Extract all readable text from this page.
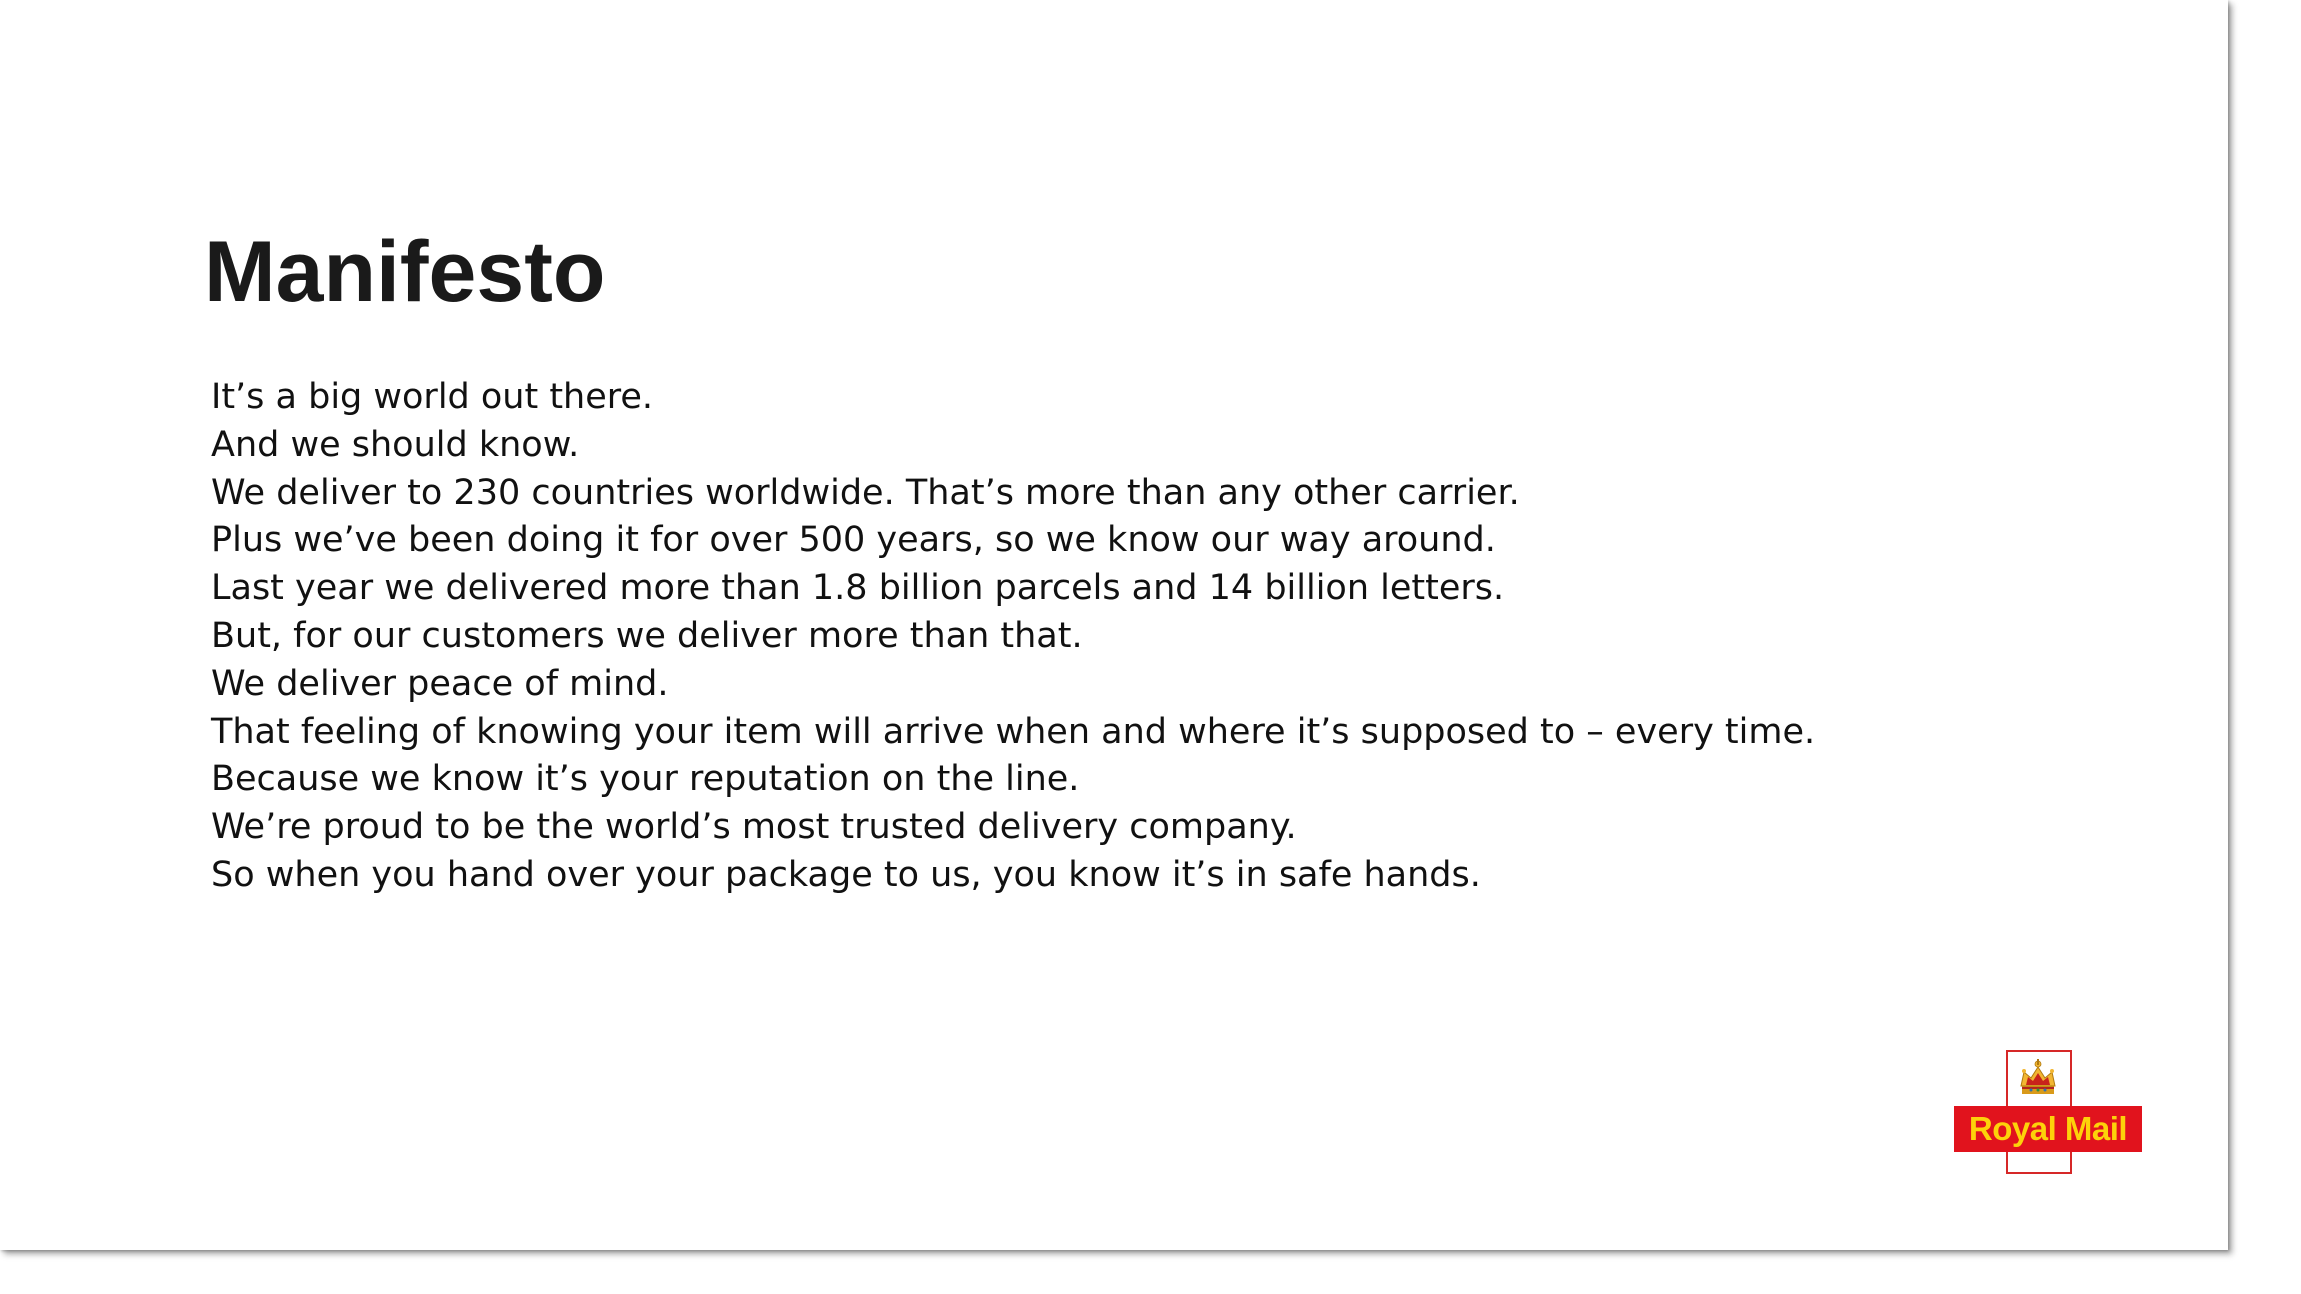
Manifesto
It’s a big world out there.
And we should know.
We deliver to 230 countries worldwide. That’s more than any other carrier.
Plus we’ve been doing it for over 500 years, so we know our way around.
Last year we delivered more than 1.8 billion parcels and 14 billion letters.
But, for our customers we deliver more than that.
We deliver peace of mind.
That feeling of knowing your item will arrive when and where it’s supposed to – every time.
Because we know it’s your reputation on the line.
We’re proud to be the world’s most trusted delivery company.
So when you hand over your package to us, you know it’s in safe hands.
Royal Mail
